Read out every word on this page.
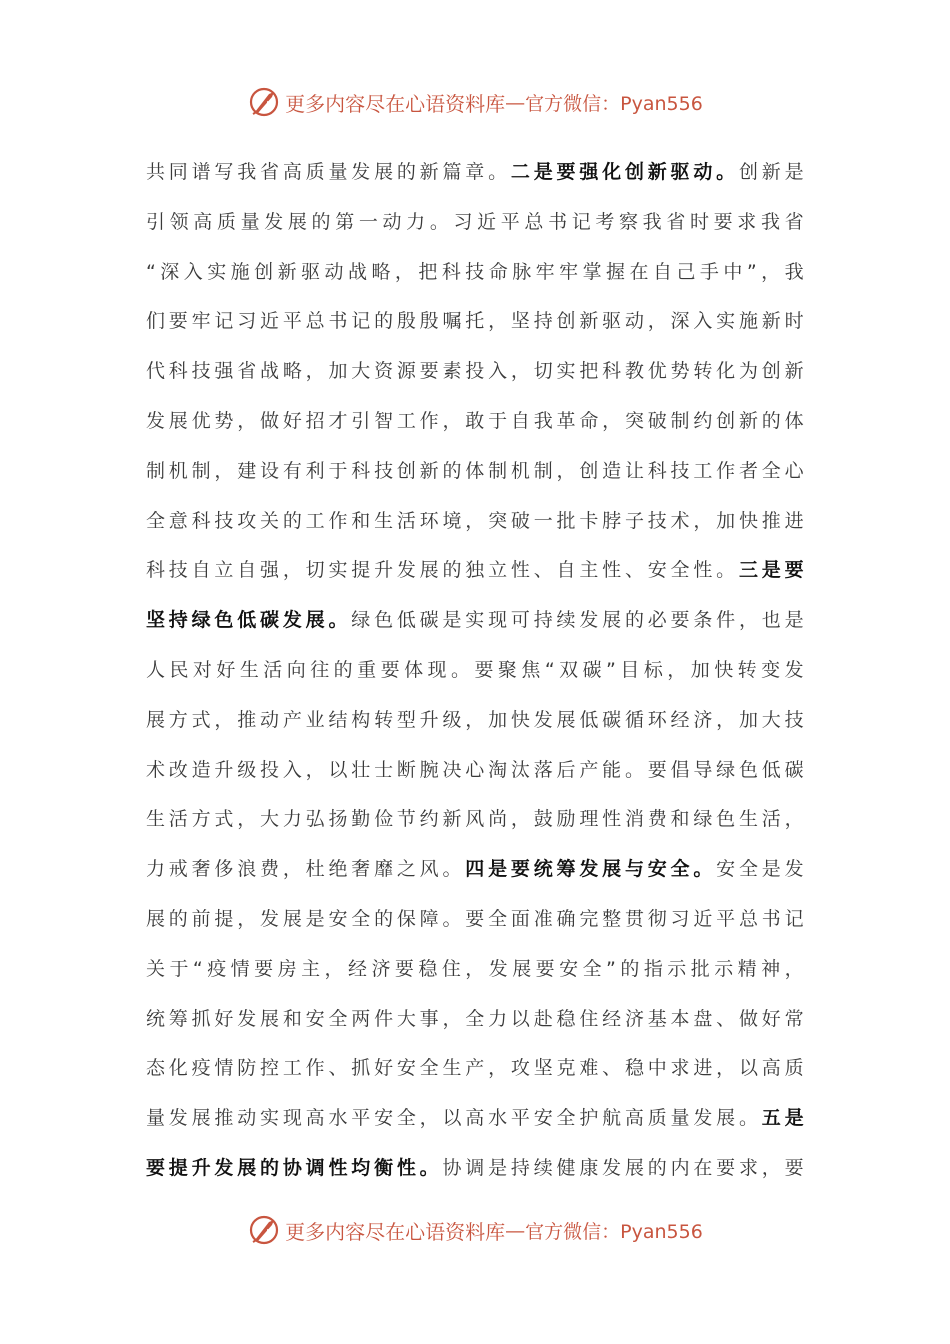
更多内容尽在心语资料库 — 官方微信：Pyan556
共同谱写我省高质量发展的新篇章。二是要强化创新驱动。创新是
引领高质量发展的第一动力。习近平总书记考察我省时要求我省
“深入实施创新驱动战略，把科技命脉牢牢掌握在自己手中”，我
们要牢记习近平总书记的殷殷嘱托，坚持创新驱动，深入实施新时
代科技强省战略，加大资源要素投入，切实把科教优势转化为创新
发展优势，做好招才引智工作，敢于自我革命，突破制约创新的体
制机制，建设有利于科技创新的体制机制，创造让科技工作者全心
全意科技攻关的工作和生活环境，突破一批卡脖子技术，加快推进
科技自立自强，切实提升发展的独立性、自主性、安全性。三是要
坚持绿色低碳发展。绿色低碳是实现可持续发展的必要条件，也是
人民对好生活向往的重要体现。要聚焦“双碳”目标，加快转变发
展方式，推动产业结构转型升级，加快发展低碳循环经济，加大技
术改造升级投入，以壮士断腕决心淘汰落后产能。要倡导绿色低碳
生活方式，大力弘扬勤俭节约新风尚，鼓励理性消费和绿色生活，
力戒奢侈浪费，杜绝奢靡之风。四是要统筹发展与安全。安全是发
展的前提，发展是安全的保障。要全面准确完整贯彻习近平总书记
关于“疫情要房主，经济要稳住，发展要安全”的指示批示精神，
统筹抓好发展和安全两件大事，全力以赴稳住经济基本盘、做好常
态化疫情防控工作、抓好安全生产，攻坚克难、稳中求进，以高质
量发展推动实现高水平安全，以高水平安全护航高质量发展。五是
要提升发展的协调性均衡性。协调是持续健康发展的内在要求，要
更多内容尽在心语资料库 — 官方微信：Pyan556
